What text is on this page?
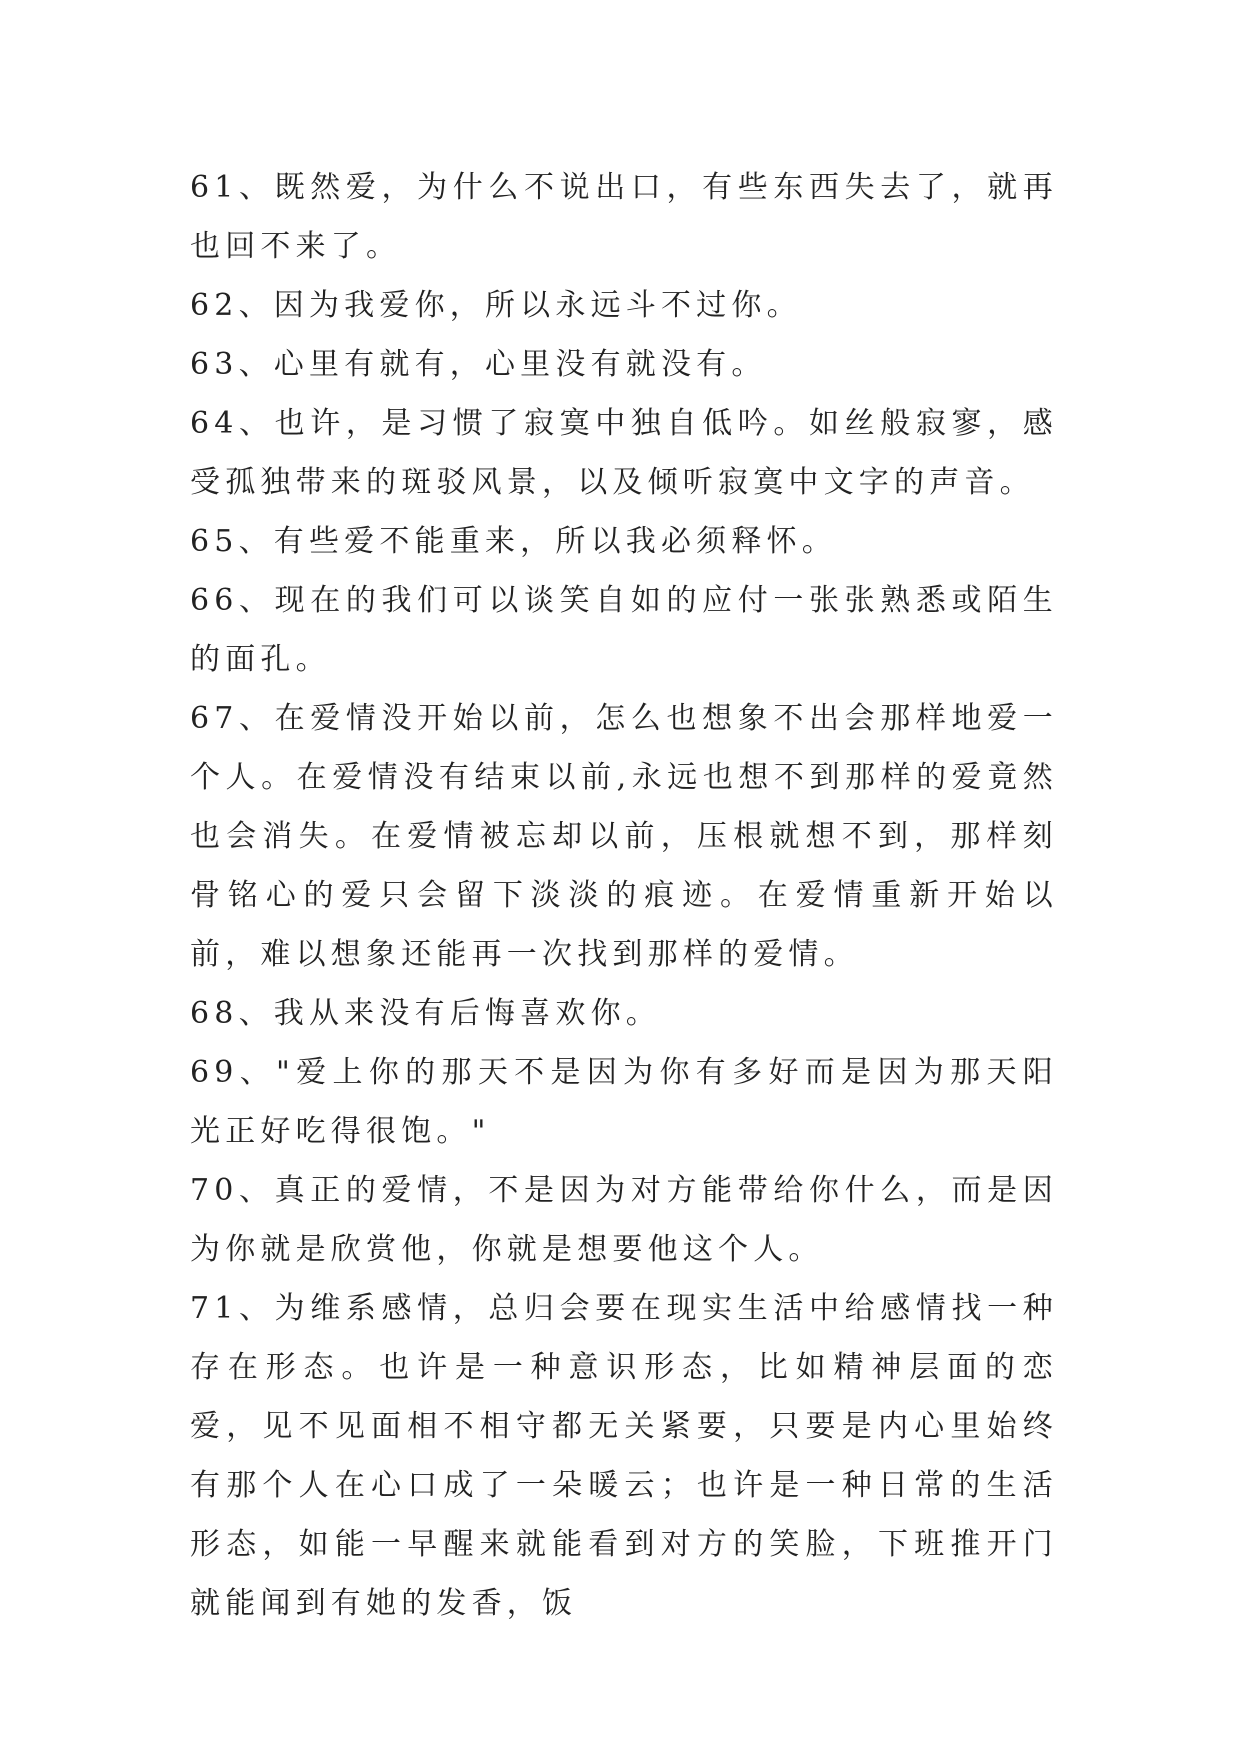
61、既然爱，为什么不说出口，有些东西失去了，就再也回不来了。

62、因为我爱你，所以永远斗不过你。

63、心里有就有，心里没有就没有。

64、也许，是习惯了寂寞中独自低吟。如丝般寂寥，感受孤独带来的斑驳风景，以及倾听寂寞中文字的声音。

65、有些爱不能重来，所以我必须释怀。

66、现在的我们可以谈笑自如的应付一张张熟悉或陌生的面孔。

67、在爱情没开始以前，怎么也想象不出会那样地爱一个人。在爱情没有结束以前,永远也想不到那样的爱竟然也会消失。在爱情被忘却以前，压根就想不到，那样刻骨铭心的爱只会留下淡淡的痕迹。在爱情重新开始以前，难以想象还能再一次找到那样的爱情。

68、我从来没有后悔喜欢你。

69、"爱上你的那天不是因为你有多好而是因为那天阳光正好吃得很饱。"

70、真正的爱情，不是因为对方能带给你什么，而是因为你就是欣赏他，你就是想要他这个人。

71、为维系感情，总归会要在现实生活中给感情找一种存在形态。也许是一种意识形态，比如精神层面的恋爱，见不见面相不相守都无关紧要，只要是内心里始终有那个人在心口成了一朵暖云；也许是一种日常的生活形态，如能一早醒来就能看到对方的笑脸，下班推开门就能闻到有她的发香，饭
